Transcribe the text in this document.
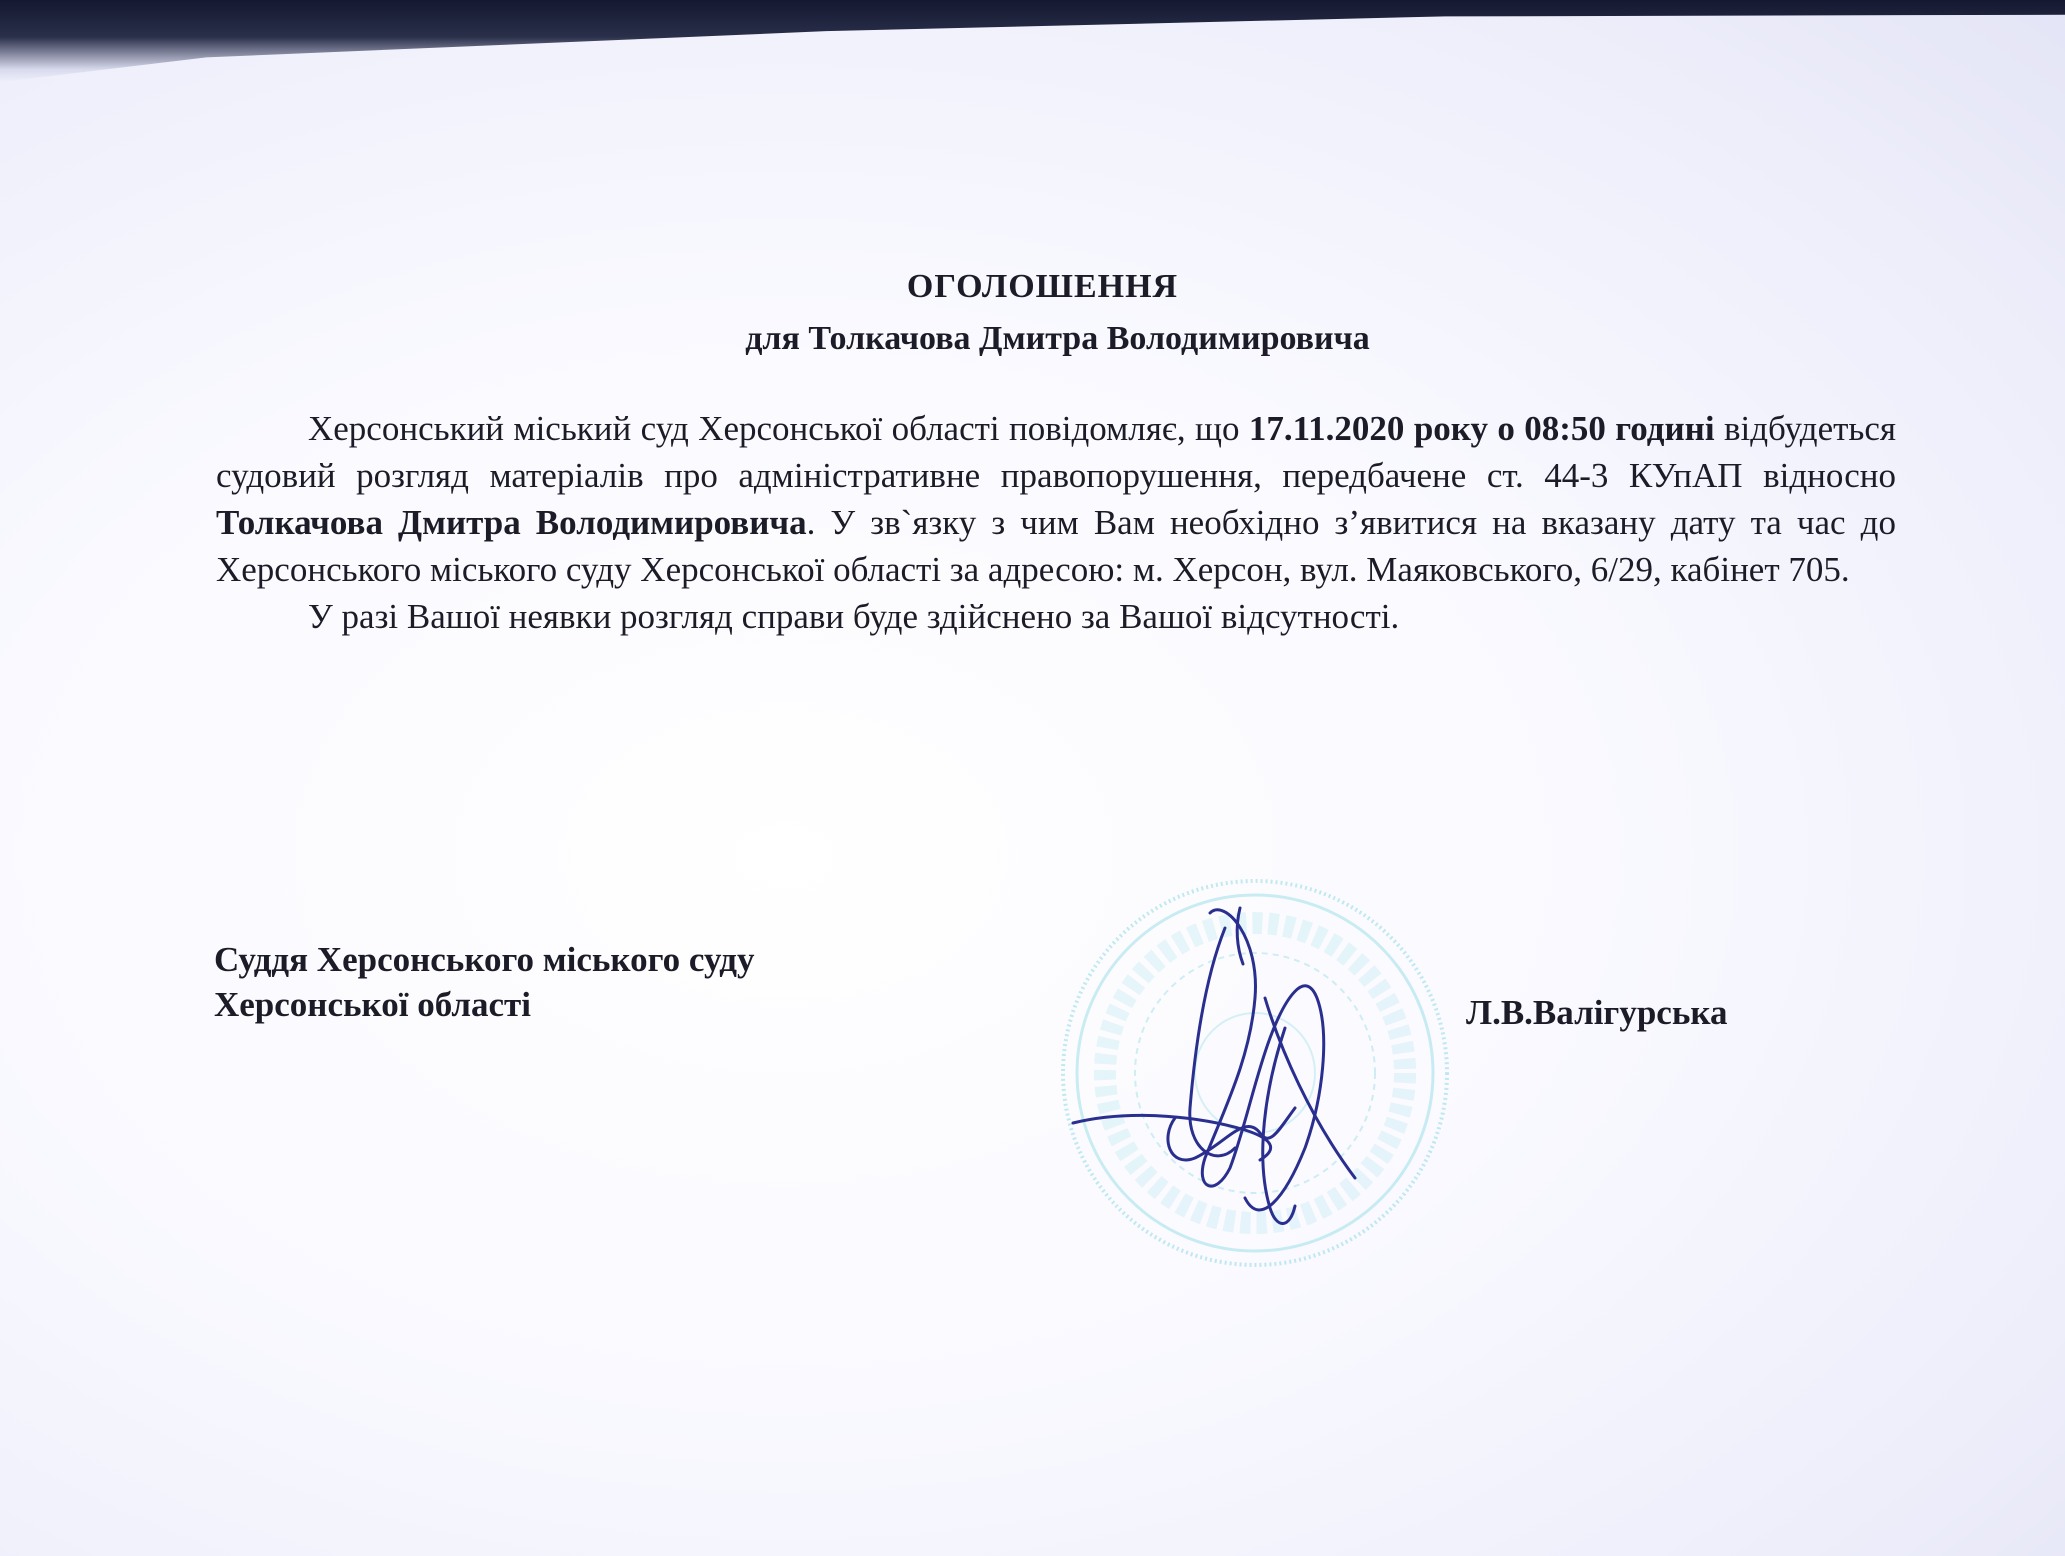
ОГОЛОШЕННЯ
для Толкачова Дмитра Володимировича

Херсонський міський суд Херсонської області повідомляє, що 17.11.2020 року о 08:50 годині відбудеться судовий розгляд матеріалів про адміністративне правопорушення, передбачене ст. 44-3 КУпАП відносно Толкачова Дмитра Володимировича. У зв`язку з чим Вам необхідно з’явитися на вказану дату та час до Херсонського міського суду Херсонської області за адресою: м. Херсон, вул. Маяковського, 6/29, кабінет 705.

У разі Вашої неявки розгляд справи буде здійснено за Вашої відсутності.

Суддя Херсонського міського суду
Херсонської області	Л.В.Валігурська
